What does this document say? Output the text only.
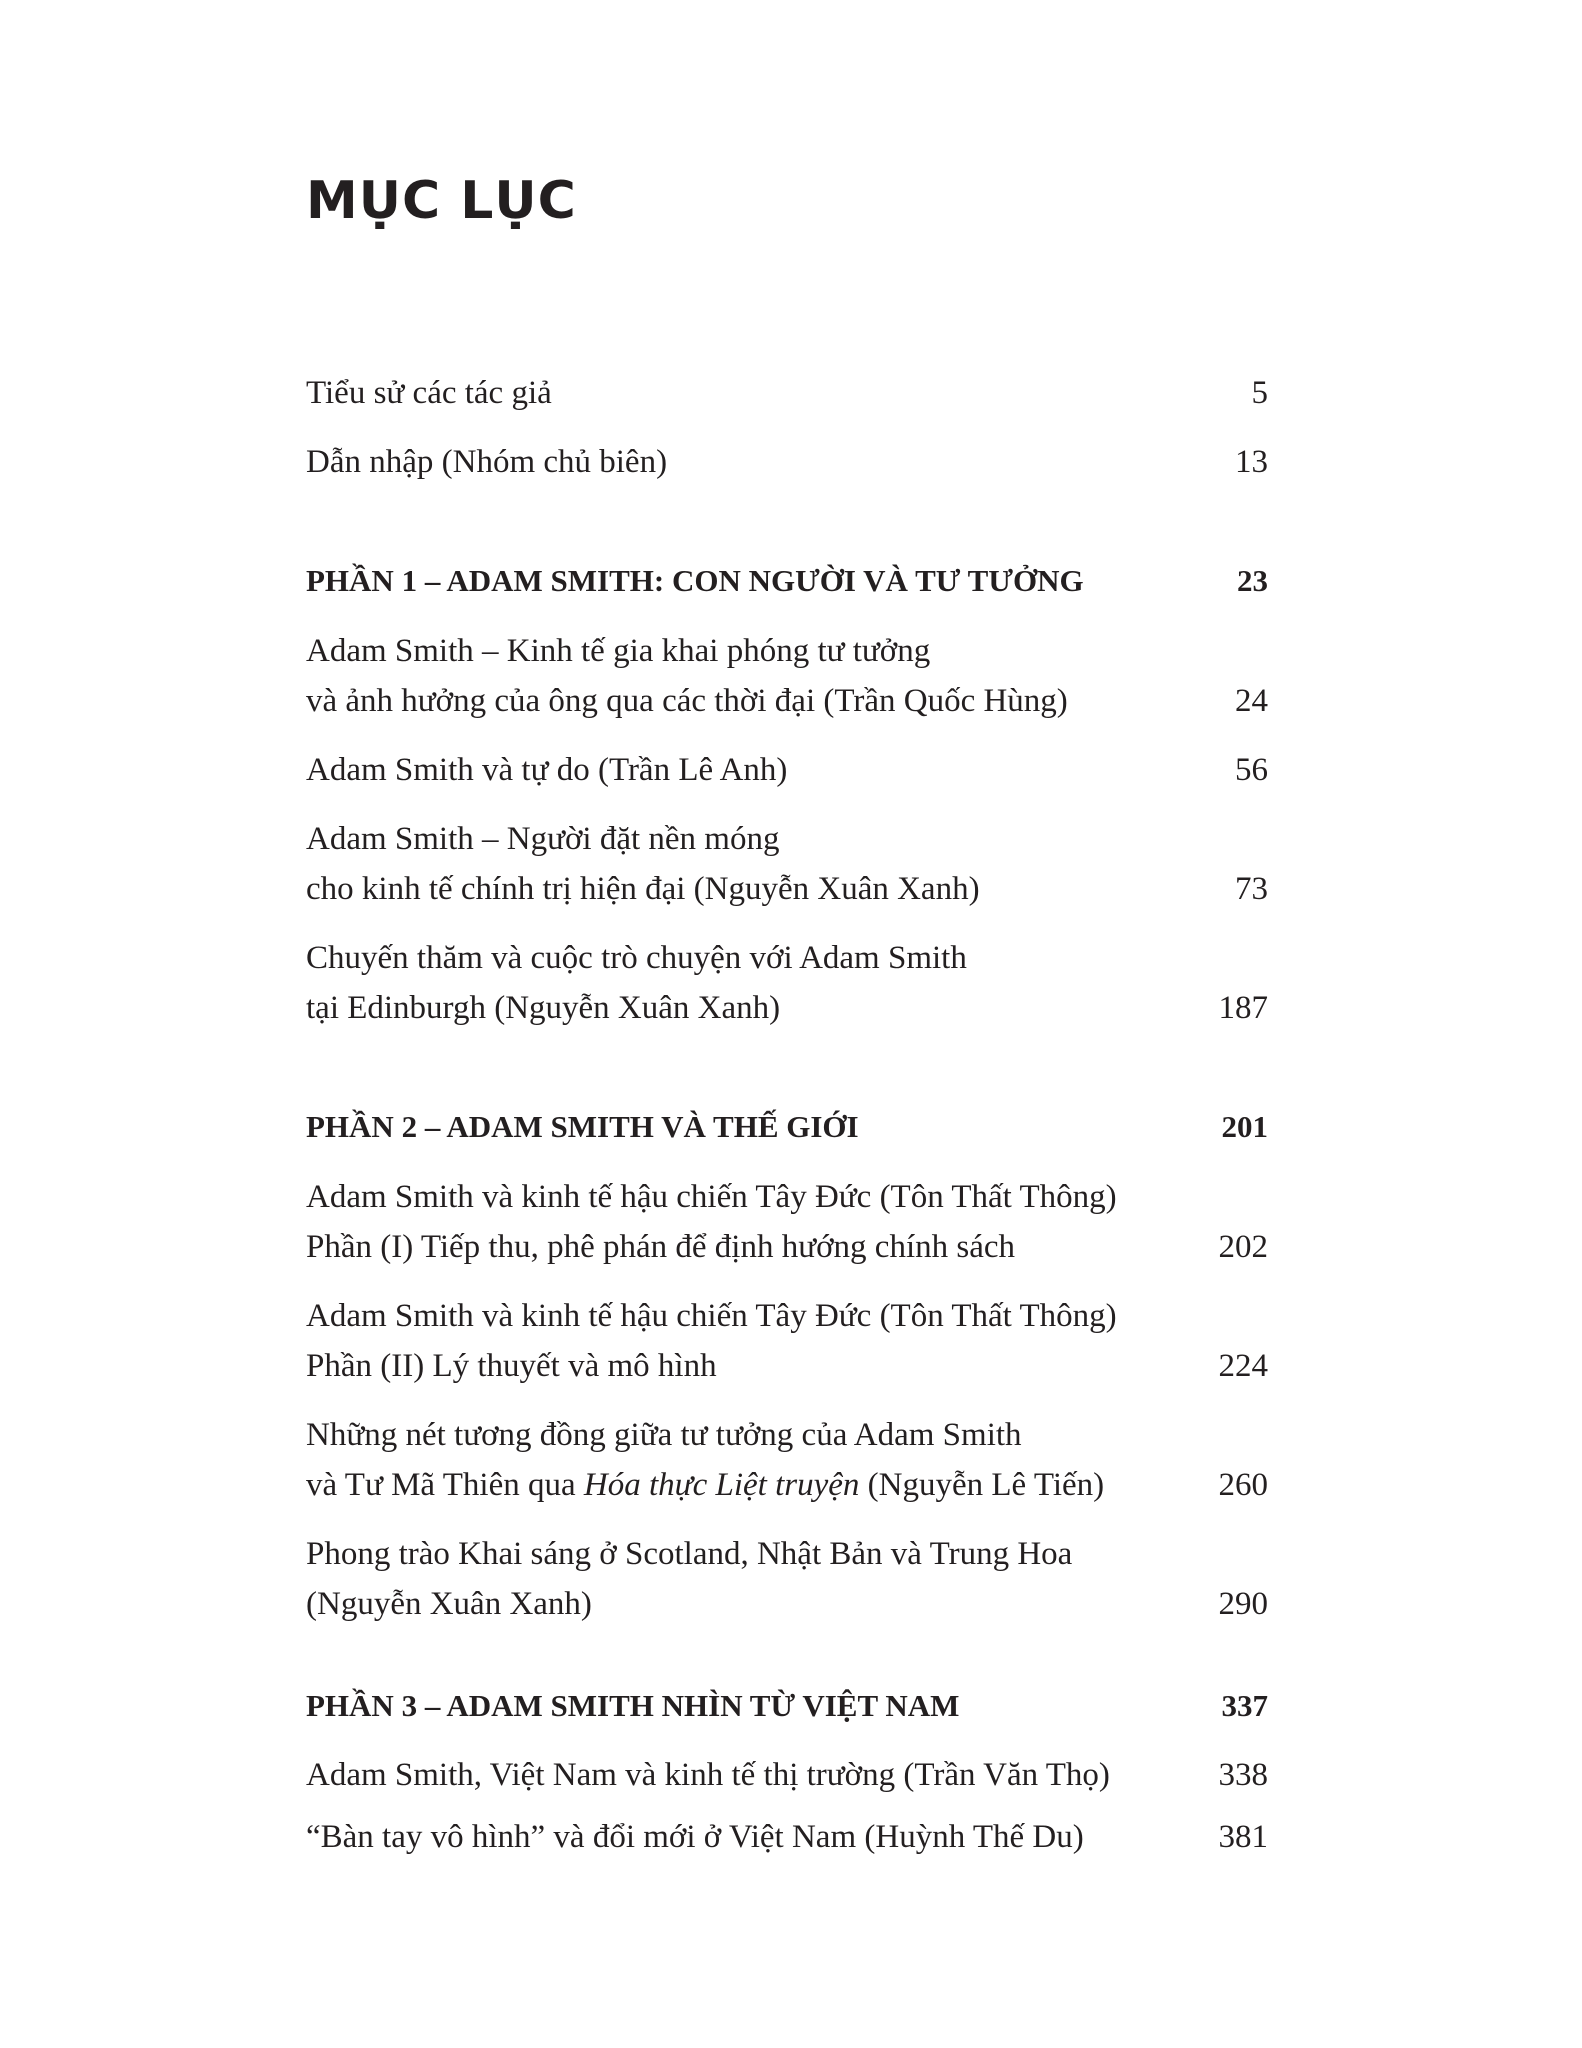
MỤC LỤC
Tiểu sử các tác giả	5
Dẫn nhập (Nhóm chủ biên)	13
PHẦN 1 – ADAM SMITH: CON NGƯỜI VÀ TƯ TƯỞNG	23
Adam Smith – Kinh tế gia khai phóng tư tưởng
và ảnh hưởng của ông qua các thời đại (Trần Quốc Hùng)	24
Adam Smith và tự do (Trần Lê Anh)	56
Adam Smith – Người đặt nền móng
cho kinh tế chính trị hiện đại (Nguyễn Xuân Xanh)	73
Chuyến thăm và cuộc trò chuyện với Adam Smith
tại Edinburgh (Nguyễn Xuân Xanh)	187
PHẦN 2 – ADAM SMITH VÀ THẾ GIỚI	201
Adam Smith và kinh tế hậu chiến Tây Đức (Tôn Thất Thông)
Phần (I) Tiếp thu, phê phán để định hướng chính sách	202
Adam Smith và kinh tế hậu chiến Tây Đức (Tôn Thất Thông)
Phần (II) Lý thuyết và mô hình	224
Những nét tương đồng giữa tư tưởng của Adam Smith
và Tư Mã Thiên qua Hóa thực Liệt truyện (Nguyễn Lê Tiến)	260
Phong trào Khai sáng ở Scotland, Nhật Bản và Trung Hoa
(Nguyễn Xuân Xanh)	290
PHẦN 3 – ADAM SMITH NHÌN TỪ VIỆT NAM	337
Adam Smith, Việt Nam và kinh tế thị trường (Trần Văn Thọ)	338
“Bàn tay vô hình” và đổi mới ở Việt Nam (Huỳnh Thế Du)	381
